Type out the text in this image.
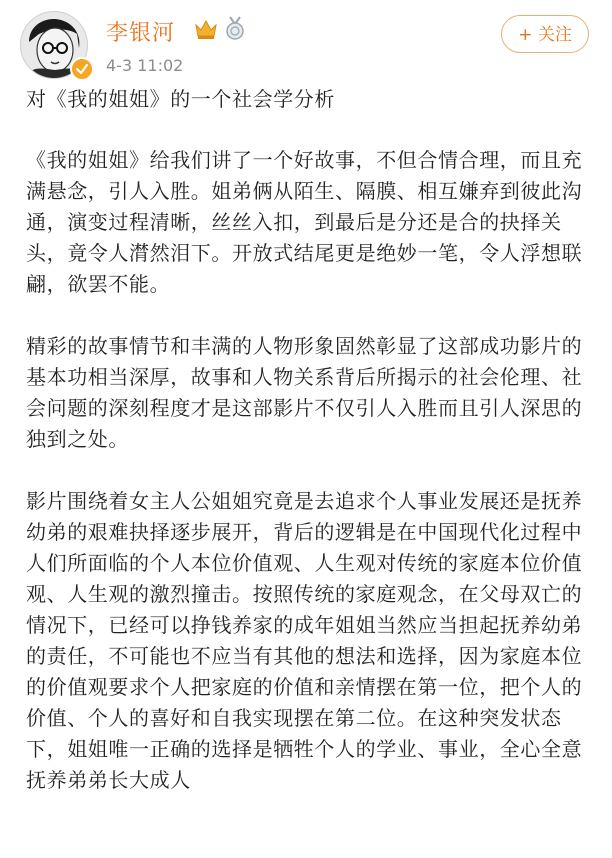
李银河
4-3 11:02
+ 关注

对《我的姐姐》的一个社会学分析

《我的姐姐》给我们讲了一个好故事，不但合情合理，而且充满悬念，引人入胜。姐弟俩从陌生、隔膜、相互嫌弃到彼此沟通，演变过程清晰，丝丝入扣，到最后是分还是合的抉择关头，竟令人潸然泪下。开放式结尾更是绝妙一笔，令人浮想联翩，欲罢不能。

精彩的故事情节和丰满的人物形象固然彰显了这部成功影片的基本功相当深厚，故事和人物关系背后所揭示的社会伦理、社会问题的深刻程度才是这部影片不仅引人入胜而且引人深思的独到之处。

影片围绕着女主人公姐姐究竟是去追求个人事业发展还是抚养幼弟的艰难抉择逐步展开，背后的逻辑是在中国现代化过程中人们所面临的个人本位价值观、人生观对传统的家庭本位价值观、人生观的激烈撞击。按照传统的家庭观念，在父母双亡的情况下，已经可以挣钱养家的成年姐姐当然应当担起抚养幼弟的责任，不可能也不应当有其他的想法和选择，因为家庭本位的价值观要求个人把家庭的价值和亲情摆在第一位，把个人的价值、个人的喜好和自我实现摆在第二位。在这种突发状态下，姐姐唯一正确的选择是牺牲个人的学业、事业，全心全意抚养弟弟长大成人
